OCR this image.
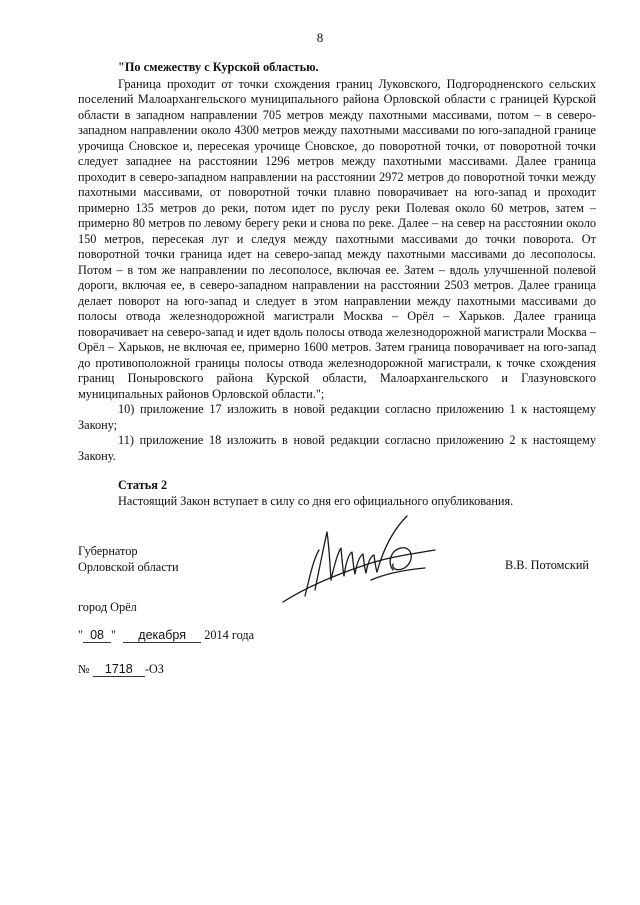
8

"По смежеству с Курской областью.

Граница проходит от точки схождения границ Луковского, Подгородненского сельских поселений Малоархангельского муниципального района Орловской области с границей Курской области в западном направлении 705 метров между пахотными массивами, потом – в северо-западном направлении около 4300 метров между пахотными массивами по юго-западной границе урочища Сновское и, пересекая урочище Сновское, до поворотной точки, от поворотной точки следует западнее на расстоянии 1296 метров между пахотными массивами. Далее граница проходит в северо-западном направлении на расстоянии 2972 метров до поворотной точки между пахотными массивами, от поворотной точки плавно поворачивает на юго-запад и проходит примерно 135 метров до реки, потом идет по руслу реки Полевая около 60 метров, затем – примерно 80 метров по левому берегу реки и снова по реке. Далее – на север на расстоянии около 150 метров, пересекая луг и следуя между пахотными массивами до точки поворота. От поворотной точки граница идет на северо-запад между пахотными массивами до лесополосы. Потом – в том же направлении по лесополосе, включая ее. Затем – вдоль улучшенной полевой дороги, включая ее, в северо-западном направлении на расстоянии 2503 метров. Далее граница делает поворот на юго-запад и следует в этом направлении между пахотными массивами до полосы отвода железнодорожной магистрали Москва – Орёл – Харьков. Далее граница поворачивает на северо-запад и идет вдоль полосы отвода железнодорожной магистрали Москва – Орёл – Харьков, не включая ее, примерно 1600 метров. Затем граница поворачивает на юго-запад до противоположной границы полосы отвода железнодорожной магистрали, к точке схождения границ Поныровского района Курской области, Малоархангельского и Глазуновского муниципальных районов Орловской области.";

10) приложение 17 изложить в новой редакции согласно приложению 1 к настоящему Закону;

11) приложение 18 изложить в новой редакции согласно приложению 2 к настоящему Закону.

Статья 2

Настоящий Закон вступает в силу со дня его официального опубликования.

Губернатор
Орловской области	В.В. Потомский
город Орёл
" 08 " декабря 2014 года
№ 1718 -ОЗ
